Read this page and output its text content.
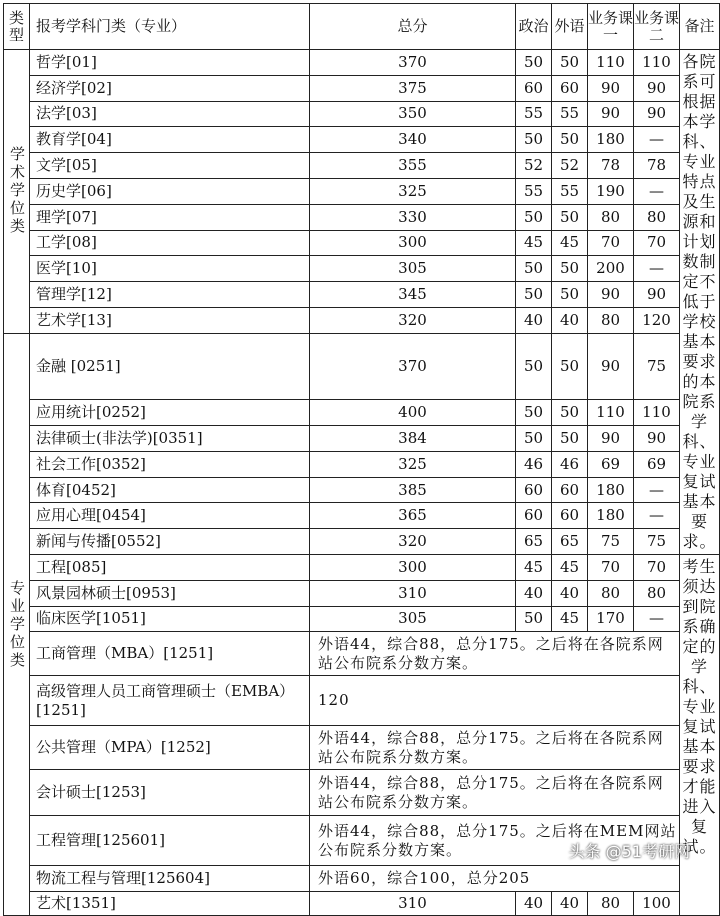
类型	报考学科门类（专业）	总分	政治	外语	业务课一	业务课二	备注
学术学位类	哲学[01]	370	50	50	110	110	各院系可根据本学科、专业特点及生源和计划数制定不低于学校基本要求的本院系学科、专业复试基本要求。
	经济学[02]	375	60	60	90	90	
	法学[03]	350	55	55	90	90	
	教育学[04]	340	50	50	180	—	
	文学[05]	355	52	52	78	78	
	历史学[06]	325	55	55	190	—	
	理学[07]	330	50	50	80	80	
	工学[08]	300	45	45	70	70	
	医学[10]	305	50	50	200	—	
	管理学[12]	345	50	50	90	90	
	艺术学[13]	320	40	40	80	120	
专业学位类	金融 [0251]	370	50	50	90	75	
	应用统计[0252]	400	50	50	110	110	
	法律硕士(非法学)[0351]	384	50	50	90	90	
	社会工作[0352]	325	46	46	69	69	
	体育[0452]	385	60	60	180	—	
	应用心理[0454]	365	60	60	180	—	
	新闻与传播[0552]	320	65	65	75	75	
	工程[085]	300	45	45	70	70	考生须达到院系确定的学科、专业复试基本要求才能进入复试。
	风景园林硕士[0953]	310	40	40	80	80	
	临床医学[1051]	305	50	45	170	—	
	工商管理（MBA）[1251]	外语44，综合88，总分175。之后将在各院系网站公布院系分数方案。					
	高级管理人员工商管理硕士（EMBA）[1251]	120					
	公共管理（MPA）[1252]	外语44，综合88，总分175。之后将在各院系网站公布院系分数方案。					
	会计硕士[1253]	外语44，综合88，总分175。之后将在各院系网站公布院系分数方案。					
	工程管理[125601]	外语44，综合88，总分175。之后将在MEM网站公布院系分数方案。					
	物流工程与管理[125604]	外语60，综合100，总分205					
	艺术[1351]	310	40	40	80	100	
头条 @51考研网
